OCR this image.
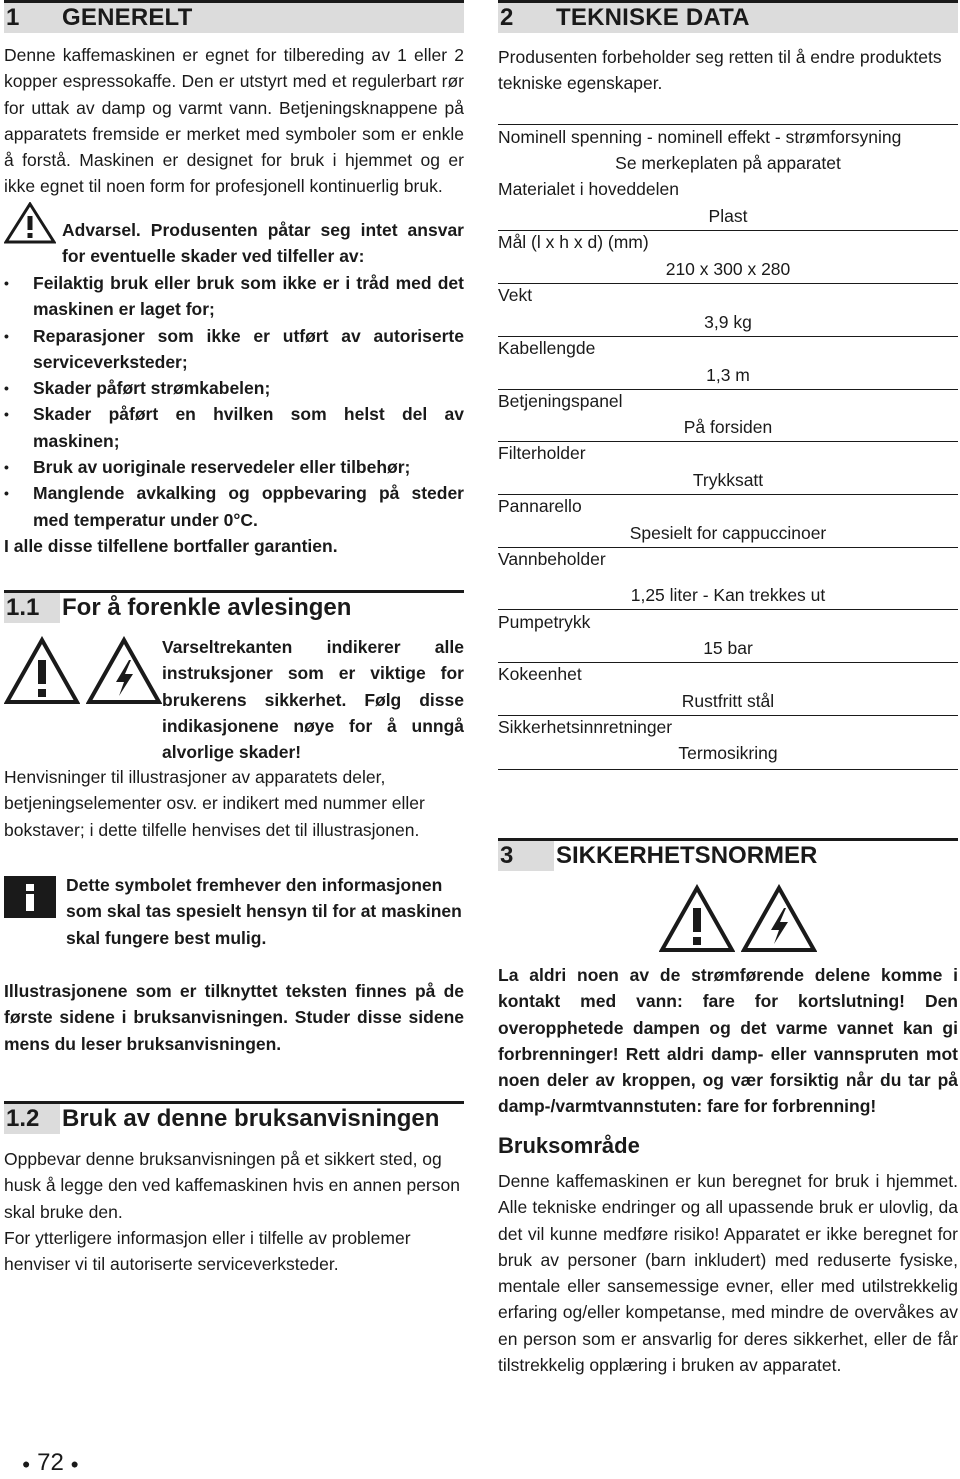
1 GENERELT

Denne kaffemaskinen er egnet for tilbereding av 1 eller 2 kopper espressokaffe. Den er utstyrt med et regulerbart rør for uttak av damp og varmt vann. Betjeningsknappene på apparatets fremside er merket med symboler som er enkle å forstå. Maskinen er designet for bruk i hjemmet og er ikke egnet til noen form for profesjonell kontinuerlig bruk.

Advarsel. Produsenten påtar seg intet ansvar for eventuelle skader ved tilfeller av:

• Feilaktig bruk eller bruk som ikke er i tråd med det maskinen er laget for;
• Reparasjoner som ikke er utført av autoriserte serviceverksteder;
• Skader påført strømkabelen;
• Skader påført en hvilken som helst del av maskinen;
• Bruk av uoriginale reservedeler eller tilbehør;
• Manglende avkalking og oppbevaring på steder med temperatur under 0°C.

I alle disse tilfellene bortfaller garantien.

1.1 For å forenkle avlesingen

Varseltrekanten indikerer alle instruksjoner som er viktige for brukerens sikkerhet. Følg disse indikasjonene nøye for å unngå alvorlige skader!

Henvisninger til illustrasjoner av apparatets deler, betjeningselementer osv. er indikert med nummer eller bokstaver; i dette tilfelle henvises det til illustrasjonen.

Dette symbolet fremhever den informasjonen som skal tas spesielt hensyn til for at maskinen skal fungere best mulig.

Illustrasjonene som er tilknyttet teksten finnes på de første sidene i bruksanvisningen. Studer disse sidene mens du leser bruksanvisningen.

1.2 Bruk av denne bruksanvisningen

Oppbevar denne bruksanvisningen på et sikkert sted, og husk å legge den ved kaffemaskinen hvis en annen person skal bruke den.

For ytterligere informasjon eller i tilfelle av problemer henviser vi til autoriserte serviceverksteder.

2 TEKNISKE DATA

Produsenten forbeholder seg retten til å endre produktets tekniske egenskaper.

Nominell spenning - nominell effekt - strømforsyning
Se merkeplaten på apparatet
Materialet i hoveddelen
Plast
Mål (l x h x d) (mm)
210 x 300 x 280
Vekt
3,9 kg
Kabellengde
1,3 m
Betjeningspanel
På forsiden
Filterholder
Trykksatt
Pannarello
Spesielt for cappuccinoer
Vannbeholder
1,25 liter - Kan trekkes ut
Pumpetrykk
15 bar
Kokeenhet
Rustfritt stål
Sikkerhetsinnretninger
Termosikring
3 SIKKERHETSNORMER

La aldri noen av de strømførende delene komme i kontakt med vann: fare for kortslutning! Den overopphetede dampen og det varme vannet kan gi forbrenninger! Rett aldri damp- eller vannspruten mot noen deler av kroppen, og vær forsiktig når du tar på damp-/varmtvannstuten: fare for forbrenning!

Bruksområde

Denne kaffemaskinen er kun beregnet for bruk i hjemmet. Alle tekniske endringer og all upassende bruk er ulovlig, da det vil kunne medføre risiko! Apparatet er ikke beregnet for bruk av personer (barn inkludert) med reduserte fysiske, mentale eller sansemessige evner, eller med utilstrekkelig erfaring og/eller kompetanse, med mindre de overvåkes av en person som er ansvarlig for deres sikkerhet, eller de får tilstrekkelig opplæring i bruken av apparatet.

● 72 ●
